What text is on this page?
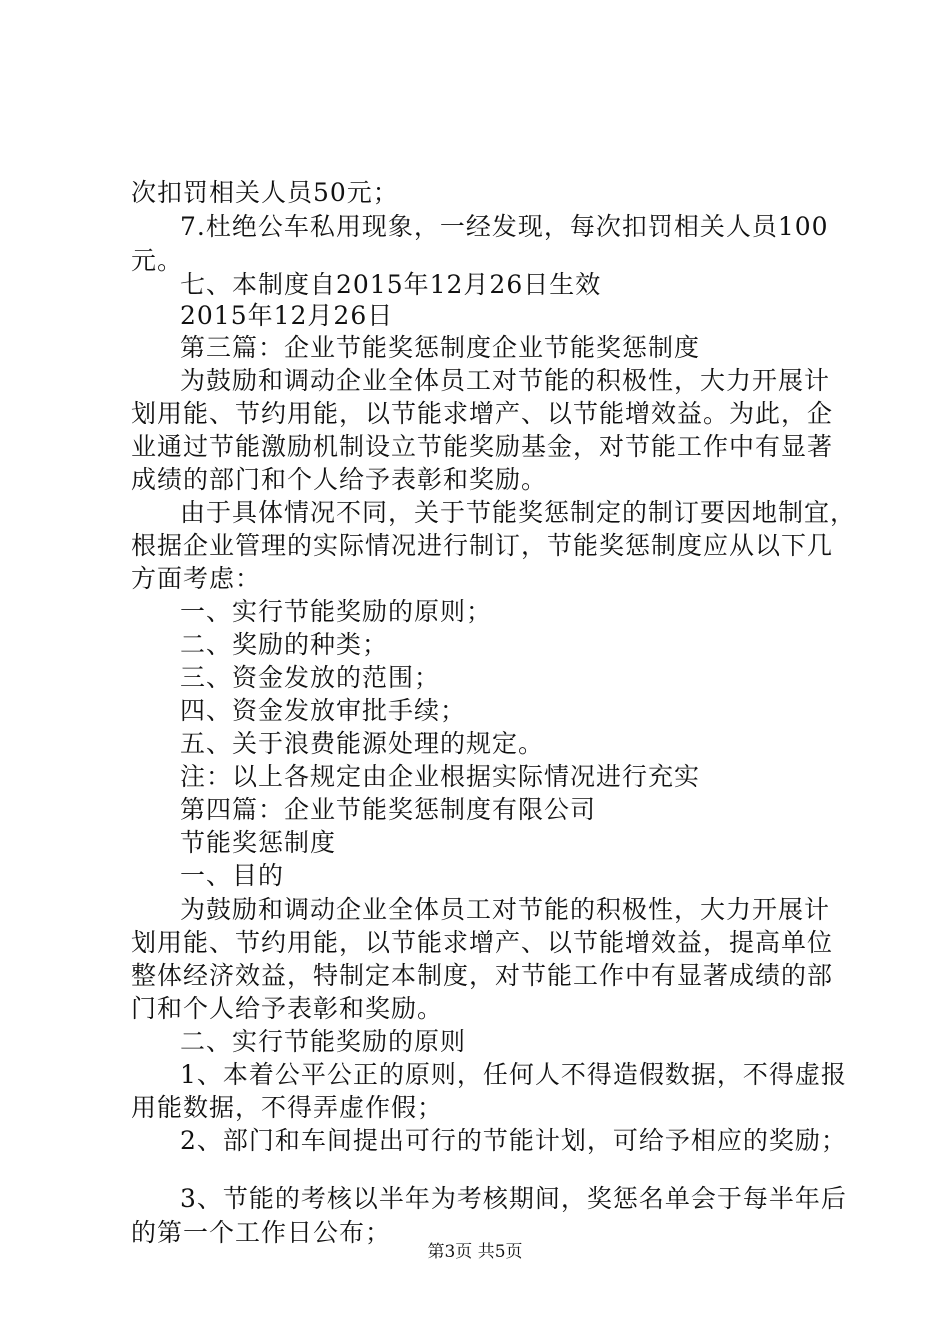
次扣罚相关人员50元；
7.杜绝公车私用现象，一经发现，每次扣罚相关人员100
元。
七、本制度自2015年12月26日生效
2015年12月26日
第三篇：企业节能奖惩制度企业节能奖惩制度
为鼓励和调动企业全体员工对节能的积极性，大力开展计
划用能、节约用能，以节能求增产、以节能增效益。为此，企
业通过节能激励机制设立节能奖励基金，对节能工作中有显著
成绩的部门和个人给予表彰和奖励。
由于具体情况不同，关于节能奖惩制定的制订要因地制宜，
根据企业管理的实际情况进行制订，节能奖惩制度应从以下几
方面考虑：
一、实行节能奖励的原则；
二、奖励的种类；
三、资金发放的范围；
四、资金发放审批手续；
五、关于浪费能源处理的规定。
注：以上各规定由企业根据实际情况进行充实
第四篇：企业节能奖惩制度有限公司
节能奖惩制度
一、目的
为鼓励和调动企业全体员工对节能的积极性，大力开展计
划用能、节约用能，以节能求增产、以节能增效益，提高单位
整体经济效益，特制定本制度，对节能工作中有显著成绩的部
门和个人给予表彰和奖励。
二、实行节能奖励的原则
1、本着公平公正的原则，任何人不得造假数据，不得虚报
用能数据，不得弄虚作假；
2、部门和车间提出可行的节能计划，可给予相应的奖励；
3、节能的考核以半年为考核期间，奖惩名单会于每半年后
的第一个工作日公布；
第3页 共5页
